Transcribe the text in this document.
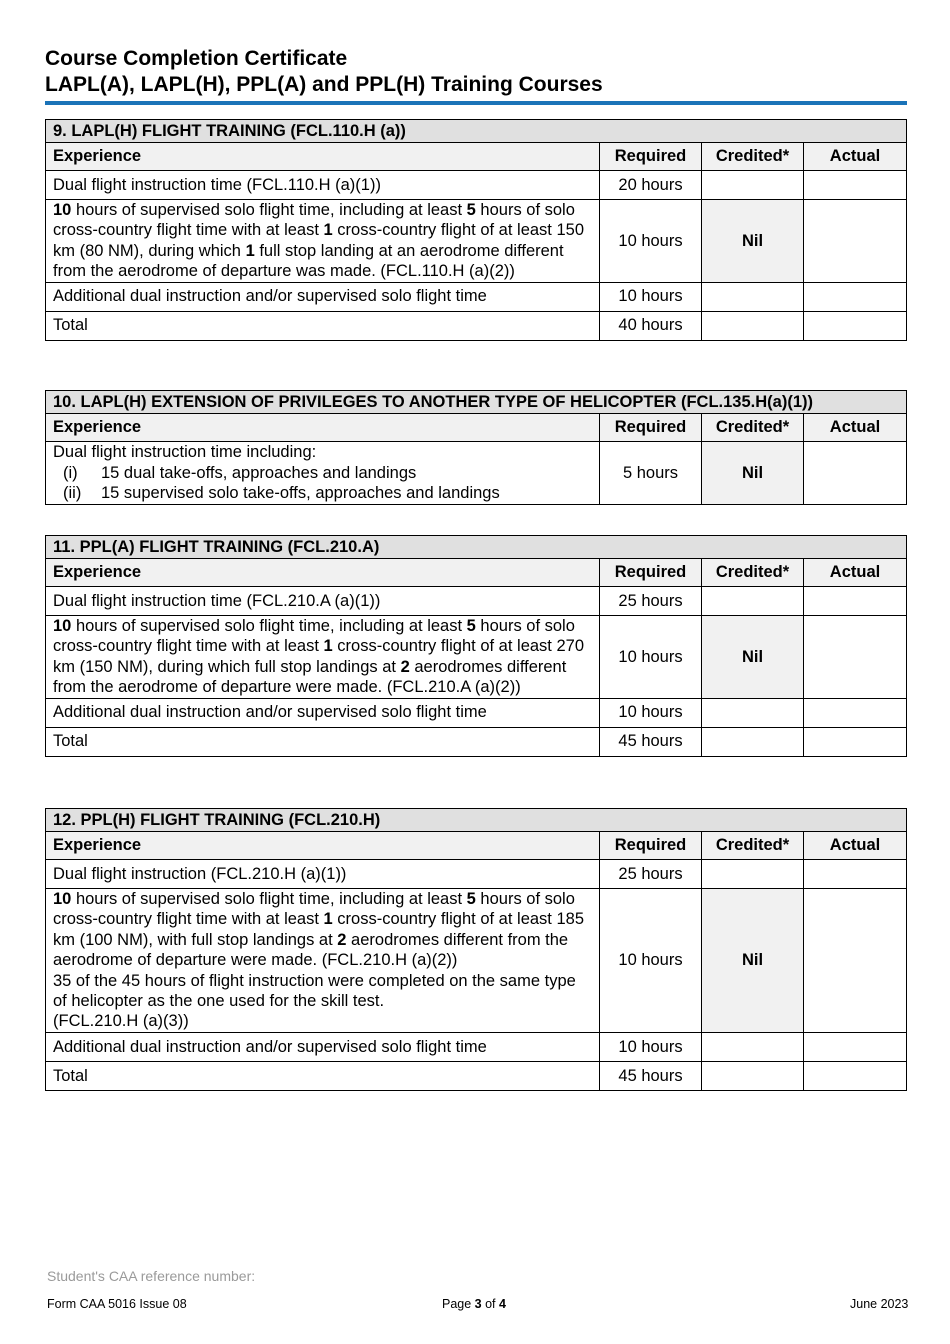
Course Completion Certificate
LAPL(A), LAPL(H), PPL(A) and PPL(H) Training Courses
9. LAPL(H) FLIGHT TRAINING (FCL.110.H (a))			
Experience	Required	Credited*	Actual
Dual flight instruction time (FCL.110.H (a)(1))	20 hours		
10 hours of supervised solo flight time, including at least 5 hours of solo cross-country flight time with at least 1 cross-country flight of at least 150 km (80 NM), during which 1 full stop landing at an aerodrome different from the aerodrome of departure was made. (FCL.110.H (a)(2))	10 hours	Nil	
Additional dual instruction and/or supervised solo flight time	10 hours		
Total	40 hours		
10. LAPL(H) EXTENSION OF PRIVILEGES TO ANOTHER TYPE OF HELICOPTER (FCL.135.H(a)(1))			
Experience	Required	Credited*	Actual

Dual flight instruction time including:
(i) 15 dual take-offs, approaches and landings
(ii) 15 supervised solo take-offs, approaches and landings	5 hours	Nil	
11. PPL(A) FLIGHT TRAINING (FCL.210.A)			
Experience	Required	Credited*	Actual
Dual flight instruction time (FCL.210.A (a)(1))	25 hours		
10 hours of supervised solo flight time, including at least 5 hours of solo cross-country flight time with at least 1 cross-country flight of at least 270 km (150 NM), during which full stop landings at 2 aerodromes different from the aerodrome of departure were made. (FCL.210.A (a)(2))	10 hours	Nil	
Additional dual instruction and/or supervised solo flight time	10 hours		
Total	45 hours		
12. PPL(H) FLIGHT TRAINING (FCL.210.H)			
Experience	Required	Credited*	Actual
Dual flight instruction (FCL.210.H (a)(1))	25 hours		
10 hours of supervised solo flight time, including at least 5 hours of solo cross-country flight time with at least 1 cross-country flight of at least 185 km (100 NM), with full stop landings at 2 aerodromes different from the aerodrome of departure were made. (FCL.210.H (a)(2))
35 of the 45 hours of flight instruction were completed on the same type of helicopter as the one used for the skill test.
(FCL.210.H (a)(3))	10 hours	Nil	
Additional dual instruction and/or supervised solo flight time	10 hours		
Total	45 hours		
Student's CAA reference number:
Form CAA 5016 Issue 08	Page 3 of 4	June 2023
